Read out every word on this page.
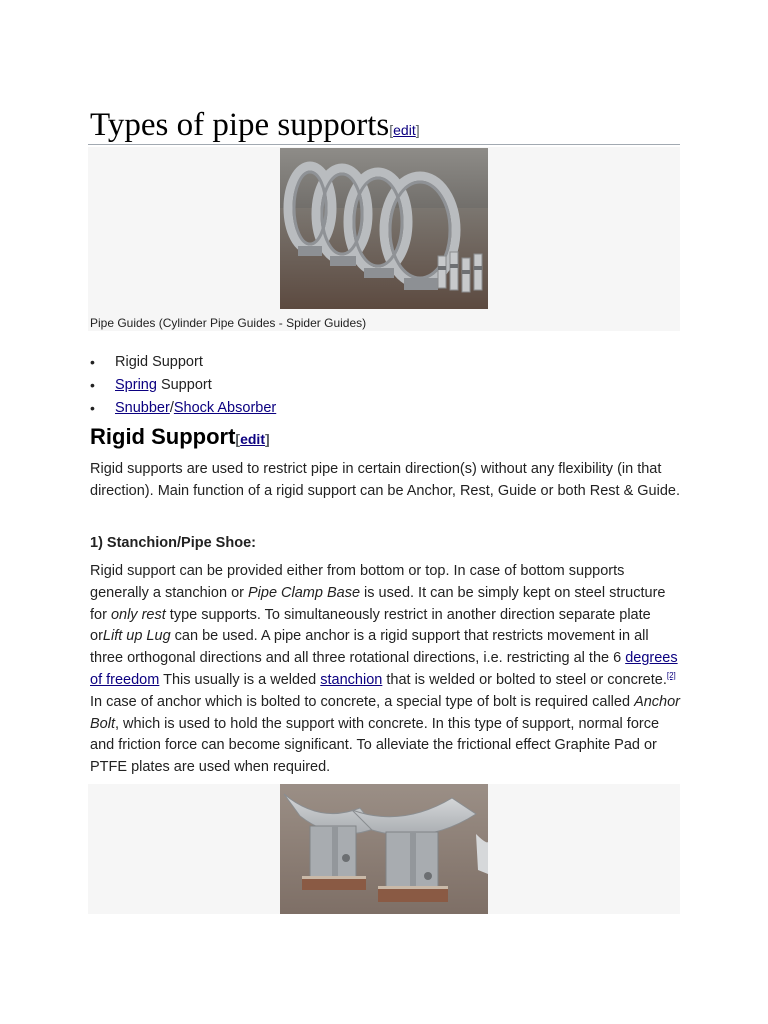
Types of pipe supports[edit]
Pipe Guides (Cylinder Pipe Guides - Spider Guides)
• Rigid Support
• Spring Support
• Snubber/Shock Absorber
Rigid Support[edit]

Rigid supports are used to restrict pipe in certain direction(s) without any flexibility (in that direction). Main function of a rigid support can be Anchor, Rest, Guide or both Rest & Guide.

1) Stanchion/Pipe Shoe:

Rigid support can be provided either from bottom or top. In case of bottom supports generally a stanchion or Pipe Clamp Base is used. It can be simply kept on steel structure for only rest type supports. To simultaneously restrict in another direction separate plate orLift up Lug can be used. A pipe anchor is a rigid support that restricts movement in all three orthogonal directions and all three rotational directions, i.e. restricting al the 6 degrees of freedom This usually is a welded stanchion that is welded or bolted to steel or concrete.[2] In case of anchor which is bolted to concrete, a special type of bolt is required called Anchor Bolt, which is used to hold the support with concrete. In this type of support, normal force and friction force can become significant. To alleviate the frictional effect Graphite Pad or PTFE plates are used when required.
